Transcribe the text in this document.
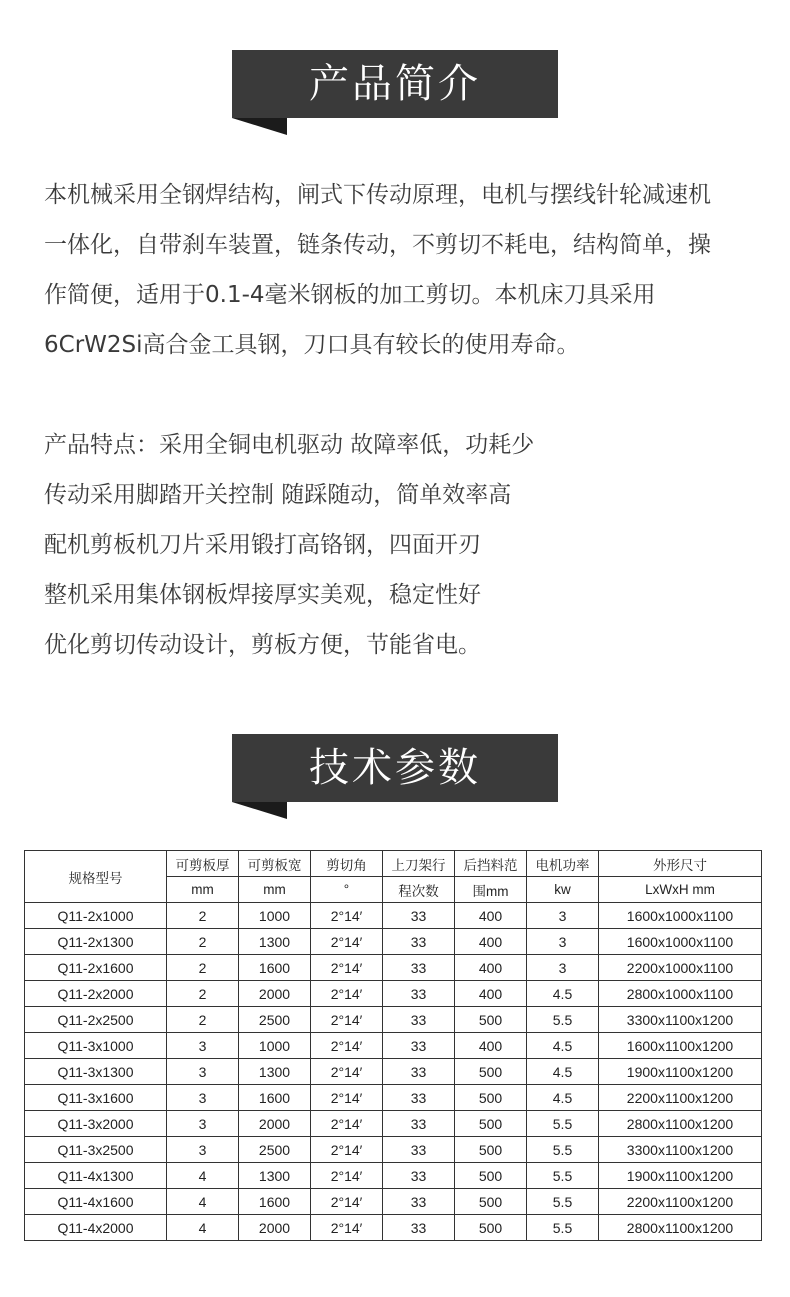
产品简介
本机械采用全钢焊结构，闸式下传动原理，电机与摆线针轮减速机
一体化，自带刹车装置，链条传动，不剪切不耗电，结构简单，操
作简便，适用于0.1-4毫米钢板的加工剪切。本机床刀具采用
6CrW2Si高合金工具钢，刀口具有较长的使用寿命。
产品特点：采用全铜电机驱动 故障率低，功耗少
传动采用脚踏开关控制 随踩随动，简单效率高
配机剪板机刀片采用锻打高铬钢，四面开刃
整机采用集体钢板焊接厚实美观，稳定性好
优化剪切传动设计，剪板方便，节能省电。
技术参数
规格型号	可剪板厚	可剪板宽	剪切角	上刀架行	后挡料范	电机功率	外形尺寸
	mm	mm	°	程次数	围mm	kw	LxWxH mm
Q11-2x1000	2	1000	2°14′	33	400	3	1600x1000x1100
Q11-2x1300	2	1300	2°14′	33	400	3	1600x1000x1100
Q11-2x1600	2	1600	2°14′	33	400	3	2200x1000x1100
Q11-2x2000	2	2000	2°14′	33	400	4.5	2800x1000x1100
Q11-2x2500	2	2500	2°14′	33	500	5.5	3300x1100x1200
Q11-3x1000	3	1000	2°14′	33	400	4.5	1600x1100x1200
Q11-3x1300	3	1300	2°14′	33	500	4.5	1900x1100x1200
Q11-3x1600	3	1600	2°14′	33	500	4.5	2200x1100x1200
Q11-3x2000	3	2000	2°14′	33	500	5.5	2800x1100x1200
Q11-3x2500	3	2500	2°14′	33	500	5.5	3300x1100x1200
Q11-4x1300	4	1300	2°14′	33	500	5.5	1900x1100x1200
Q11-4x1600	4	1600	2°14′	33	500	5.5	2200x1100x1200
Q11-4x2000	4	2000	2°14′	33	500	5.5	2800x1100x1200
